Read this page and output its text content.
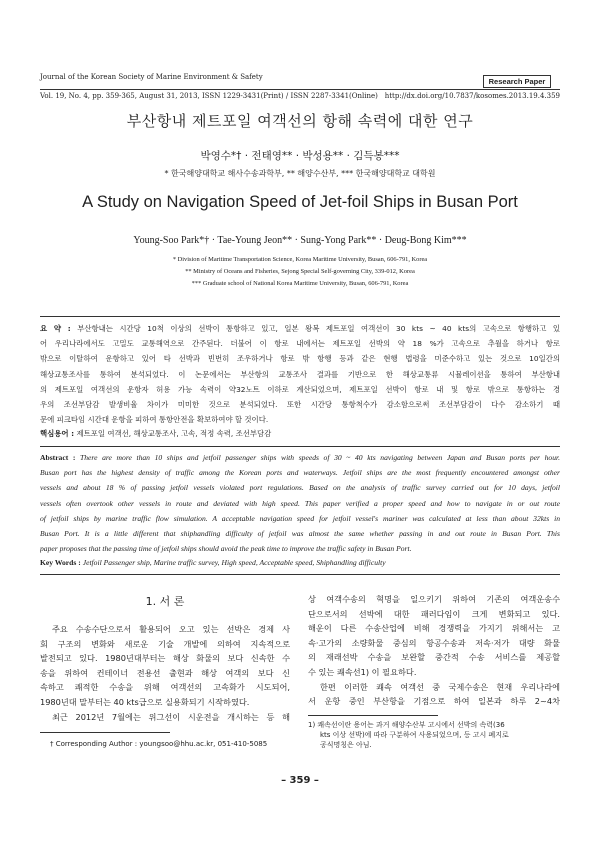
Journal of the Korean Society of Marine Environment & Safety	Research Paper
Vol. 19, No. 4, pp. 359-365, August 31, 2013, ISSN 1229-3431(Print) / ISSN 2287-3341(Online) http://dx.doi.org/10.7837/kosomes.2013.19.4.359
부산항내 제트포일 여객선의 항해 속력에 대한 연구
박영수*† · 전태영** · 박성용** · 김득봉***
* 한국해양대학교 해사수송과학부, ** 해양수산부, *** 한국해양대학교 대학원
A Study on Navigation Speed of Jet-foil Ships in Busan Port
Young-Soo Park*† · Tae-Young Jeon** · Sung-Yong Park** · Deug-Bong Kim***
* Division of Maritime Transportation Science, Korea Maritime University, Busan, 606-791, Korea
** Ministry of Oceans and Fisheries, Sejong Special Self-governing City, 339-012, Korea
*** Graduate school of National Korea Maritime University, Busan, 606-791, Korea
요 약 : 부산항내는 시간당 10척 이상의 선박이 통항하고 있고, 일본 왕복 제트포일 여객선이 30 kts ~ 40 kts의 고속으로 항행하고 있
어 우리나라에서도 고밀도 교통해역으로 간주된다. 더불어 이 항로 내에서는 제트포일 선박의 약 18 %가 고속으로 추월을 하거나 항로
밖으로 이탈하여 운항하고 있어 타 선박과 빈번히 조우하거나 항로 밖 항행 등과 같은 현행 법령을 미준수하고 있는 것으로 10일간의
해상교통조사를 통하여 분석되었다. 이 논문에서는 부산항의 교통조사 결과를 기반으로 한 해상교통류 시뮬레이션을 통하여 부산항내
의 제트포일 여객선의 운항자 허용 가능 속력이 약32노트 이하로 계산되었으며, 제트포일 선박이 항로 내 및 항로 밖으로 통항하는 경
우의 조선부담감 발생비율 차이가 미미한 것으로 분석되었다. 또한 시간당 통항척수가 감소함으로써 조선부담감이 다수 감소하기 때
문에 피크타임 시간대 운항을 피하여 통항안전을 확보하여야 할 것이다.
핵심용어 : 제트포일 여객선, 해상교통조사, 고속, 적정 속력, 조선부담감
Abstract : There are more than 10 ships and jetfoil passenger ships with speeds of 30 ~ 40 kts navigating between Japan and Busan ports per hour.
Busan port has the highest density of traffic among the Korean ports and waterways. Jetfoil ships are the most frequently encountered amongst other
vessels and about 18 % of passing jetfoil vessels violated port regulations. Based on the analysis of traffic survey carried out for 10 days, jetfoil
vessels often overtook other vessels in route and deviated with high speed. This paper verified a proper speed and how to navigate in or out route
of jetfoil ships by marine traffic flow simulation. A acceptable navigation speed for jetfoil vessel's mariner was calculated at less than about 32kts in
Busan Port. It is a little different that shiphandling difficulty of jetfoil was almost the same whether passing in and out route in Busan Port. This
paper proposes that the passing time of jetfoil ships should avoid the peak time to improve the traffic safety in Busan Port.
Key Words : Jetfoil Passenger ship, Marine traffic survey, High speed, Acceptable speed, Shiphandling difficulty
1. 서 론
주요 수송수단으로서 활용되어 오고 있는 선박은 경제 사
회 구조의 변화와 새로운 기술 개발에 의하여 지속적으로
발전되고 있다. 1980년대부터는 해상 화물의 보다 신속한 수
송을 위하여 컨테이너 전용선 출현과 해상 여객의 보다 신
속하고 쾌적한 수송을 위해 여객선의 고속화가 시도되어,
1980년대 말부터는 40 kts급으로 실용화되기 시작하였다.
최근 2012년 7월에는 위그선이 시운전을 개시하는 등 해
† Corresponding Author : youngsoo@hhu.ac.kr, 051-410-5085
상 여객수송의 혁명을 일으키기 위하여 기존의 여객운송수
단으로서의 선박에 대한 패러다임이 크게 변화되고 있다.
해운이 다른 수송산업에 비해 경쟁력을 가지기 위해서는 고
속·고가의 소량화물 중심의 항공수송과 저속·저가 대량 화물
의 재래선박 수송을 보완할 중간적 수송 서비스를 제공할
수 있는 쾌속선1) 이 필요하다.
한편 이러한 쾌속 여객선 중 국제수송은 현재 우리나라에
서 운항 중인 부산항을 기점으로 하여 일본과 하루 2~4차
1) 쾌속선이란 용어는 과거 해양수산부 고시에서 선박의 속력(36
kts 이상 선박)에 따라 구분하여 사용되었으며, 등 고시 폐지로
공식명칭은 아님.
– 359 –
